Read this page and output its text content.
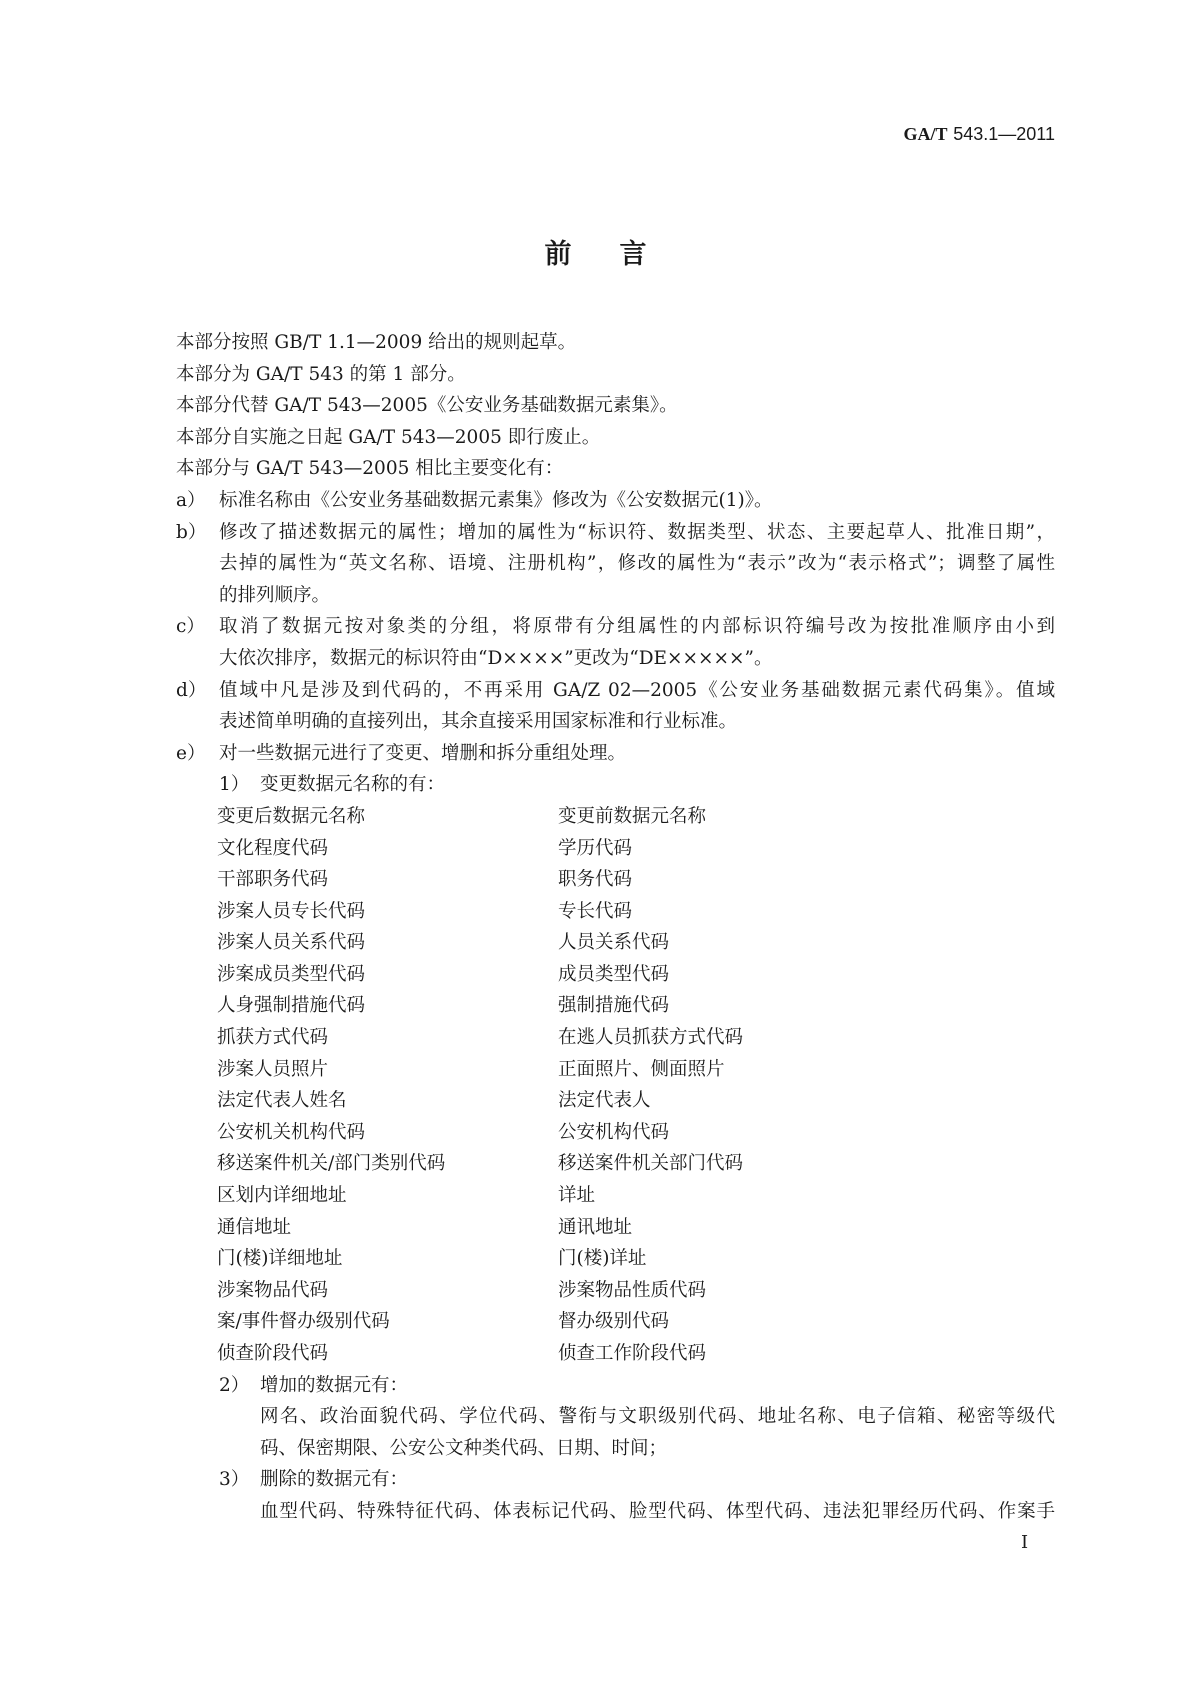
GA/T 543.1—2011
前 言
本部分按照 GB/T 1.1—2009 给出的规则起草。
本部分为 GA/T 543 的第 1 部分。
本部分代替 GA/T 543—2005《公安业务基础数据元素集》。
本部分自实施之日起 GA/T 543—2005 即行废止。
本部分与 GA/T 543—2005 相比主要变化有：
a） 标准名称由《公安业务基础数据元素集》修改为《公安数据元(1)》。
b） 修改了描述数据元的属性；增加的属性为“标识符、数据类型、状态、主要起草人、批准日期”，
去掉的属性为“英文名称、语境、注册机构”，修改的属性为“表示”改为“表示格式”；调整了属性
的排列顺序。
c） 取消了数据元按对象类的分组，将原带有分组属性的内部标识符编号改为按批准顺序由小到
大依次排序，数据元的标识符由“D××××”更改为“DE×××××”。
d） 值域中凡是涉及到代码的，不再采用 GA/Z 02—2005《公安业务基础数据元素代码集》。值域
表述简单明确的直接列出，其余直接采用国家标准和行业标准。
e） 对一些数据元进行了变更、增删和拆分重组处理。
1） 变更数据元名称的有：
变更后数据元名称	变更前数据元名称
文化程度代码	学历代码
干部职务代码	职务代码
涉案人员专长代码	专长代码
涉案人员关系代码	人员关系代码
涉案成员类型代码	成员类型代码
人身强制措施代码	强制措施代码
抓获方式代码	在逃人员抓获方式代码
涉案人员照片	正面照片、侧面照片
法定代表人姓名	法定代表人
公安机关机构代码	公安机构代码
移送案件机关/部门类别代码	移送案件机关部门代码
区划内详细地址	详址
通信地址	通讯地址
门(楼)详细地址	门(楼)详址
涉案物品代码	涉案物品性质代码
案/事件督办级别代码	督办级别代码
侦查阶段代码	侦查工作阶段代码
2） 增加的数据元有：
网名、政治面貌代码、学位代码、警衔与文职级别代码、地址名称、电子信箱、秘密等级代
码、保密期限、公安公文种类代码、日期、时间；
3） 删除的数据元有：
血型代码、特殊特征代码、体表标记代码、脸型代码、体型代码、违法犯罪经历代码、作案手
I
